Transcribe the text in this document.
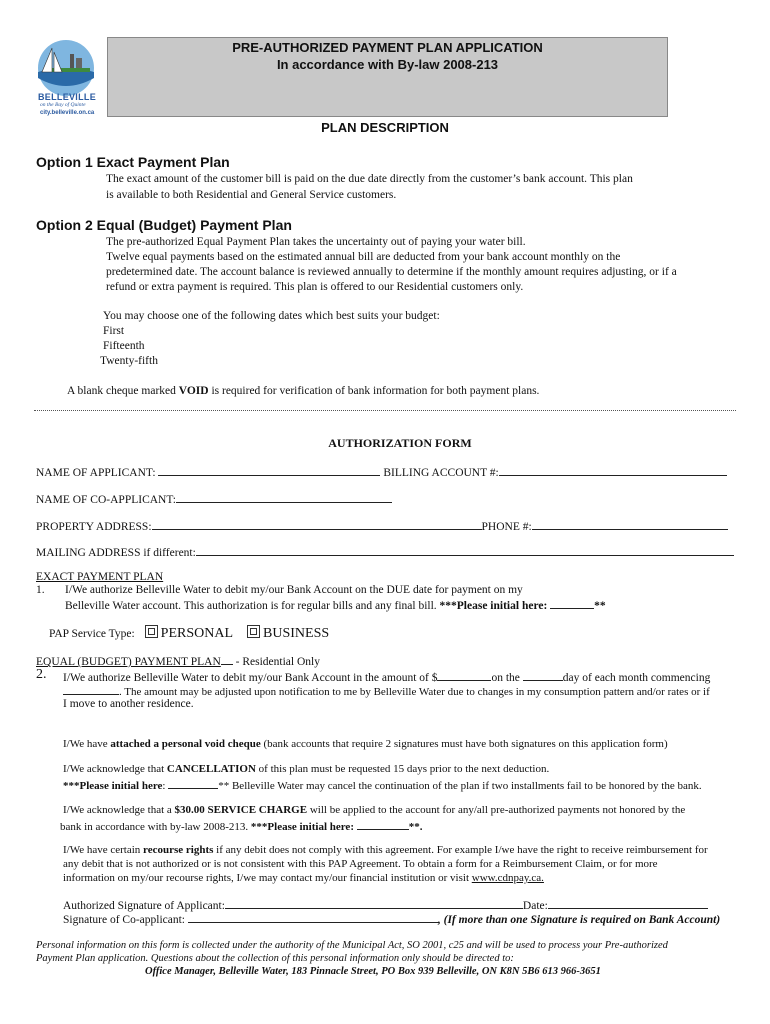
BELLEVILLE
on the Bay of Quinte
city.belleville.on.ca
PRE-AUTHORIZED PAYMENT PLAN APPLICATION
In accordance with By-law 2008-213
PLAN DESCRIPTION
Option 1 Exact Payment Plan
The exact amount of the customer bill is paid on the due date directly from the customer’s bank account. This plan
is available to both Residential and General Service customers.
Option 2 Equal (Budget) Payment Plan
The pre-authorized Equal Payment Plan takes the uncertainty out of paying your water bill.
Twelve equal payments based on the estimated annual bill are deducted from your bank account monthly on the
predetermined date. The account balance is reviewed annually to determine if the monthly amount requires adjusting, or if a
refund or extra payment is required. This plan is offered to our Residential customers only.
You may choose one of the following dates which best suits your budget:
First
Fifteenth
Twenty-fifth
A blank cheque marked VOID is required for verification of bank information for both payment plans.
AUTHORIZATION FORM
NAME OF APPLICANT:	BILLING ACCOUNT #:
NAME OF CO-APPLICANT:
PROPERTY ADDRESS:	PHONE #:
MAILING ADDRESS if different:
EXACT PAYMENT PLAN
1. I/We authorize Belleville Water to debit my/our Bank Account on the DUE date for payment on my
Belleville Water account. This authorization is for regular bills and any final bill. ***Please initial here:	**
PAP Service Type: PERSONAL BUSINESS
EQUAL (BUDGET) PAYMENT PLAN - Residential Only
2. I/We authorize Belleville Water to debit my/our Bank Account in the amount of $	on the	day of each month commencing
. The amount may be adjusted upon notification to me by Belleville Water due to changes in my consumption pattern and/or rates or if
I move to another residence.
I/We have attached a personal void cheque (bank accounts that require 2 signatures must have both signatures on this application form)
I/We acknowledge that CANCELLATION of this plan must be requested 15 days prior to the next deduction.
***Please initial here:	** Belleville Water may cancel the continuation of the plan if two installments fail to be honored by the bank.
I/We acknowledge that a $30.00 SERVICE CHARGE will be applied to the account for any/all pre-authorized payments not honored by the
bank in accordance with by-law 2008-213. ***Please initial here:	**.
I/We have certain recourse rights if any debit does not comply with this agreement. For example I/we have the right to receive reimbursement for
any debit that is not authorized or is not consistent with this PAP Agreement. To obtain a form for a Reimbursement Claim, or for more
information on my/our recourse rights, I/we may contact my/our financial institution or visit www.cdnpay.ca.
Authorized Signature of Applicant:	Date:
Signature of Co-applicant:	, (If more than one Signature is required on Bank Account)
Personal information on this form is collected under the authority of the Municipal Act, SO 2001, c25 and will be used to process your Pre-authorized
Payment Plan application. Questions about the collection of this personal information only should be directed to:
Office Manager, Belleville Water, 183 Pinnacle Street, PO Box 939 Belleville, ON K8N 5B6 613 966-3651
